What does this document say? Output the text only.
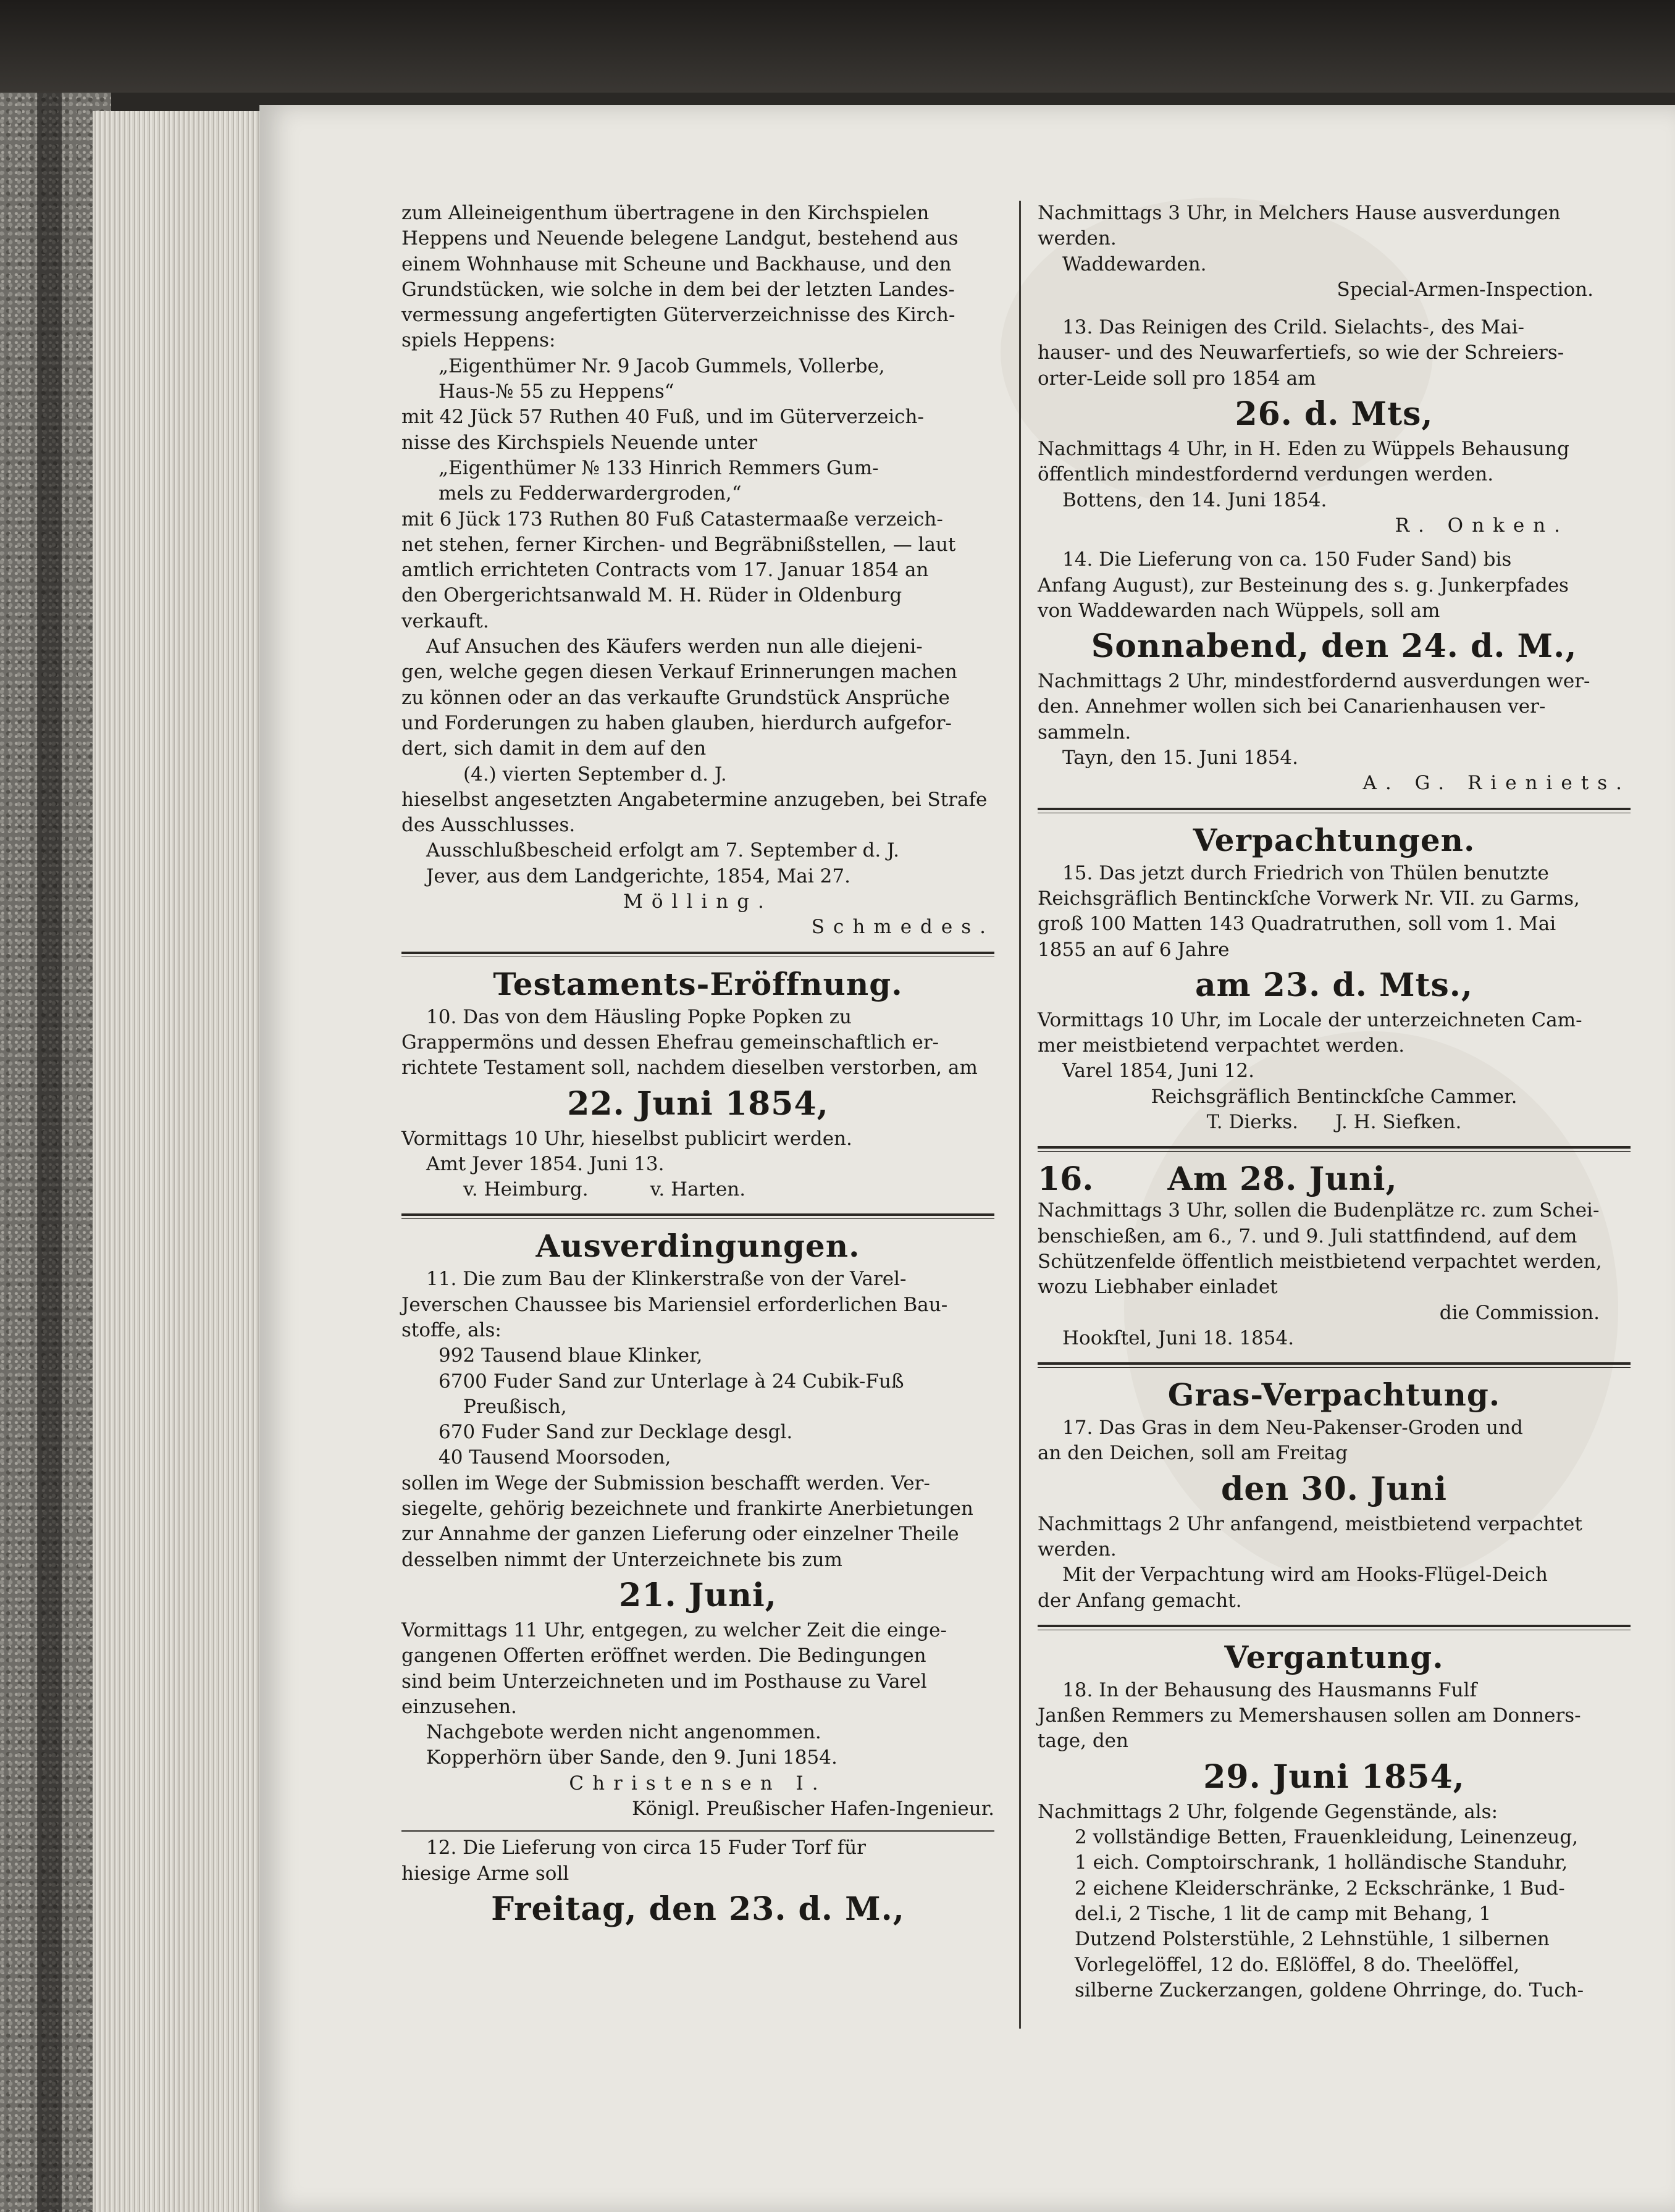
zum Alleineigenthum übertragene in den Kirchspielen

Heppens und Neuende belegene Landgut, bestehend aus

einem Wohnhause mit Scheune und Backhause, und den

Grundstücken, wie solche in dem bei der letzten Landes-

vermessung angefertigten Güterverzeichnisse des Kirch-

spiels Heppens:

„Eigenthümer Nr. 9 Jacob Gummels, Vollerbe,

Haus-№ 55 zu Heppens“

mit 42 Jück 57 Ruthen 40 Fuß, und im Güterverzeich-

nisse des Kirchspiels Neuende unter

„Eigenthümer № 133 Hinrich Remmers Gum-

mels zu Fedderwardergroden,“

mit 6 Jück 173 Ruthen 80 Fuß Catastermaaße verzeich-

net stehen, ferner Kirchen- und Begräbnißstellen, — laut

amtlich errichteten Contracts vom 17. Januar 1854 an

den Obergerichtsanwald M. H. Rüder in Oldenburg

verkauft.

Auf Ansuchen des Käufers werden nun alle diejeni-

gen, welche gegen diesen Verkauf Erinnerungen machen

zu können oder an das verkaufte Grundstück Ansprüche

und Forderungen zu haben glauben, hierdurch aufgefor-

dert, sich damit in dem auf den

(4.) vierten September d. J.

hieselbst angesetzten Angabetermine anzugeben, bei Strafe

des Ausschlusses.

Ausschlußbescheid erfolgt am 7. September d. J.

Jever, aus dem Landgerichte, 1854, Mai 27.

Mölling.

Schmedes.

Testaments-Eröffnung.

10. Das von dem Häusling Popke Popken zu

Grappermöns und dessen Ehefrau gemeinschaftlich er-

richtete Testament soll, nachdem dieselben verstorben, am

22. Juni 1854,

Vormittags 10 Uhr, hieselbst publicirt werden.

Amt Jever 1854. Juni 13.

v. Heimburg.	v. Harten.

Ausverdingungen.

11. Die zum Bau der Klinkerstraße von der Varel-

Jeverschen Chaussee bis Mariensiel erforderlichen Bau-

stoffe, als:

992 Tausend blaue Klinker,

6700 Fuder Sand zur Unterlage à 24 Cubik-Fuß

Preußisch,

670 Fuder Sand zur Decklage desgl.

40 Tausend Moorsoden,

sollen im Wege der Submission beschafft werden. Ver-

siegelte, gehörig bezeichnete und frankirte Anerbietungen

zur Annahme der ganzen Lieferung oder einzelner Theile

desselben nimmt der Unterzeichnete bis zum

21. Juni,

Vormittags 11 Uhr, entgegen, zu welcher Zeit die einge-

gangenen Offerten eröffnet werden. Die Bedingungen

sind beim Unterzeichneten und im Posthause zu Varel

einzusehen.

Nachgebote werden nicht angenommen.

Kopperhörn über Sande, den 9. Juni 1854.

Christensen I.

Königl. Preußischer Hafen-Ingenieur.

12. Die Lieferung von circa 15 Fuder Torf für

hiesige Arme soll

Freitag, den 23. d. M.,

Nachmittags 3 Uhr, in Melchers Hause ausverdungen

werden.

Waddewarden.

Special-Armen-Inspection.

13. Das Reinigen des Crild. Sielachts-, des Mai-

hauser- und des Neuwarfertiefs, so wie der Schreiers-

orter-Leide soll pro 1854 am

26. d. Mts,

Nachmittags 4 Uhr, in H. Eden zu Wüppels Behausung

öffentlich mindestfordernd verdungen werden.

Bottens, den 14. Juni 1854.

R. Onken.

14. Die Lieferung von ca. 150 Fuder Sand) bis

Anfang August), zur Besteinung des s. g. Junkerpfades

von Waddewarden nach Wüppels, soll am

Sonnabend, den 24. d. M.,

Nachmittags 2 Uhr, mindestfordernd ausverdungen wer-

den. Annehmer wollen sich bei Canarienhausen ver-

sammeln.

Tayn, den 15. Juni 1854.

A. G. Rieniets.

Verpachtungen.

15. Das jetzt durch Friedrich von Thülen benutzte

Reichsgräflich Bentinckſche Vorwerk Nr. VII. zu Garms,

groß 100 Matten 143 Quadratruthen, soll vom 1. Mai

1855 an auf 6 Jahre

am 23. d. Mts.,

Vormittags 10 Uhr, im Locale der unterzeichneten Cam-

mer meistbietend verpachtet werden.

Varel 1854, Juni 12.

Reichsgräflich Bentinckſche Cammer.

T. Dierks. J. H. Siefken.

16.	Am 28. Juni,

Nachmittags 3 Uhr, sollen die Budenplätze rc. zum Schei-

benschießen, am 6., 7. und 9. Juli stattfindend, auf dem

Schützenfelde öffentlich meistbietend verpachtet werden,

wozu Liebhaber einladet

die Commission.

Hookſtel, Juni 18. 1854.

Gras-Verpachtung.

17. Das Gras in dem Neu-Pakenser-Groden und

an den Deichen, soll am Freitag

den 30. Juni

Nachmittags 2 Uhr anfangend, meistbietend verpachtet

werden.

Mit der Verpachtung wird am Hooks-Flügel-Deich

der Anfang gemacht.

Vergantung.

18. In der Behausung des Hausmanns Fulf

Janßen Remmers zu Memershausen sollen am Donners-

tage, den

29. Juni 1854,

Nachmittags 2 Uhr, folgende Gegenstände, als:

2 vollständige Betten, Frauenkleidung, Leinenzeug,

1 eich. Comptoirschrank, 1 holländische Standuhr,

2 eichene Kleiderschränke, 2 Eckschränke, 1 Bud-

del.i, 2 Tische, 1 lit de camp mit Behang, 1

Dutzend Polsterstühle, 2 Lehnstühle, 1 silbernen

Vorlegelöffel, 12 do. Eßlöffel, 8 do. Theelöffel,

silberne Zuckerzangen, goldene Ohrringe, do. Tuch-
